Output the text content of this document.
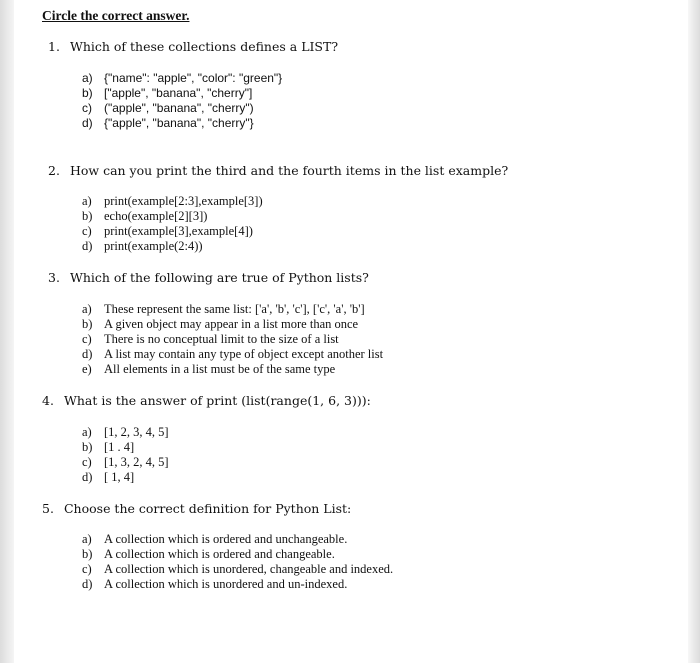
Circle the correct answer.
1. Which of these collections defines a LIST?
a) {"name": "apple", "color": "green"}
b) ["apple", "banana", "cherry"]
c) ("apple", "banana", "cherry")
d) {"apple", "banana", "cherry"}
2. How can you print the third and the fourth items in the list example?
a) print(example[2:3],example[3])
b) echo(example[2][3])
c) print(example[3],example[4])
d) print(example(2:4))
3. Which of the following are true of Python lists?
a) These represent the same list: ['a', 'b', 'c'], ['c', 'a', 'b']
b) A given object may appear in a list more than once
c) There is no conceptual limit to the size of a list
d) A list may contain any type of object except another list
e) All elements in a list must be of the same type
4. What is the answer of print (list(range(1, 6, 3))):
a) [1, 2, 3, 4, 5]
b) [1 . 4]
c) [1, 3, 2, 4, 5]
d) [ 1, 4]
5. Choose the correct definition for Python List:
a) A collection which is ordered and unchangeable.
b) A collection which is ordered and changeable.
c) A collection which is unordered, changeable and indexed.
d) A collection which is unordered and un-indexed.
